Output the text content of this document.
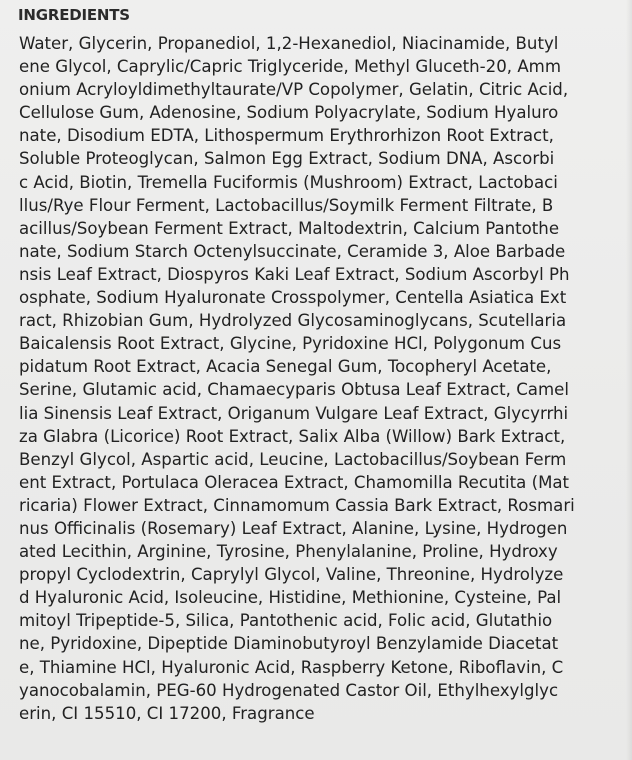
INGREDIENTS
Water, Glycerin, Propanediol, 1,2-Hexanediol, Niacinamide, Butyl
ene Glycol, Caprylic/Capric Triglyceride, Methyl Gluceth-20, Amm
onium Acryloyldimethyltaurate/VP Copolymer, Gelatin, Citric Acid,
Cellulose Gum, Adenosine, Sodium Polyacrylate, Sodium Hyaluro
nate, Disodium EDTA, Lithospermum Erythrorhizon Root Extract,
Soluble Proteoglycan, Salmon Egg Extract, Sodium DNA, Ascorbi
c Acid, Biotin, Tremella Fuciformis (Mushroom) Extract, Lactobaci
llus/Rye Flour Ferment, Lactobacillus/Soymilk Ferment Filtrate, B
acillus/Soybean Ferment Extract, Maltodextrin, Calcium Pantothe
nate, Sodium Starch Octenylsuccinate, Ceramide 3, Aloe Barbade
nsis Leaf Extract, Diospyros Kaki Leaf Extract, Sodium Ascorbyl Ph
osphate, Sodium Hyaluronate Crosspolymer, Centella Asiatica Ext
ract, Rhizobian Gum, Hydrolyzed Glycosaminoglycans, Scutellaria
Baicalensis Root Extract, Glycine, Pyridoxine HCl, Polygonum Cus
pidatum Root Extract, Acacia Senegal Gum, Tocopheryl Acetate,
Serine, Glutamic acid, Chamaecyparis Obtusa Leaf Extract, Camel
lia Sinensis Leaf Extract, Origanum Vulgare Leaf Extract, Glycyrrhi
za Glabra (Licorice) Root Extract, Salix Alba (Willow) Bark Extract,
Benzyl Glycol, Aspartic acid, Leucine, Lactobacillus/Soybean Ferm
ent Extract, Portulaca Oleracea Extract, Chamomilla Recutita (Mat
ricaria) Flower Extract, Cinnamomum Cassia Bark Extract, Rosmari
nus Officinalis (Rosemary) Leaf Extract, Alanine, Lysine, Hydrogen
ated Lecithin, Arginine, Tyrosine, Phenylalanine, Proline, Hydroxy
propyl Cyclodextrin, Caprylyl Glycol, Valine, Threonine, Hydrolyze
d Hyaluronic Acid, Isoleucine, Histidine, Methionine, Cysteine, Pal
mitoyl Tripeptide-5, Silica, Pantothenic acid, Folic acid, Glutathio
ne, Pyridoxine, Dipeptide Diaminobutyroyl Benzylamide Diacetat
e, Thiamine HCl, Hyaluronic Acid, Raspberry Ketone, Riboflavin, C
yanocobalamin, PEG-60 Hydrogenated Castor Oil, Ethylhexylglyc
erin, CI 15510, CI 17200, Fragrance
